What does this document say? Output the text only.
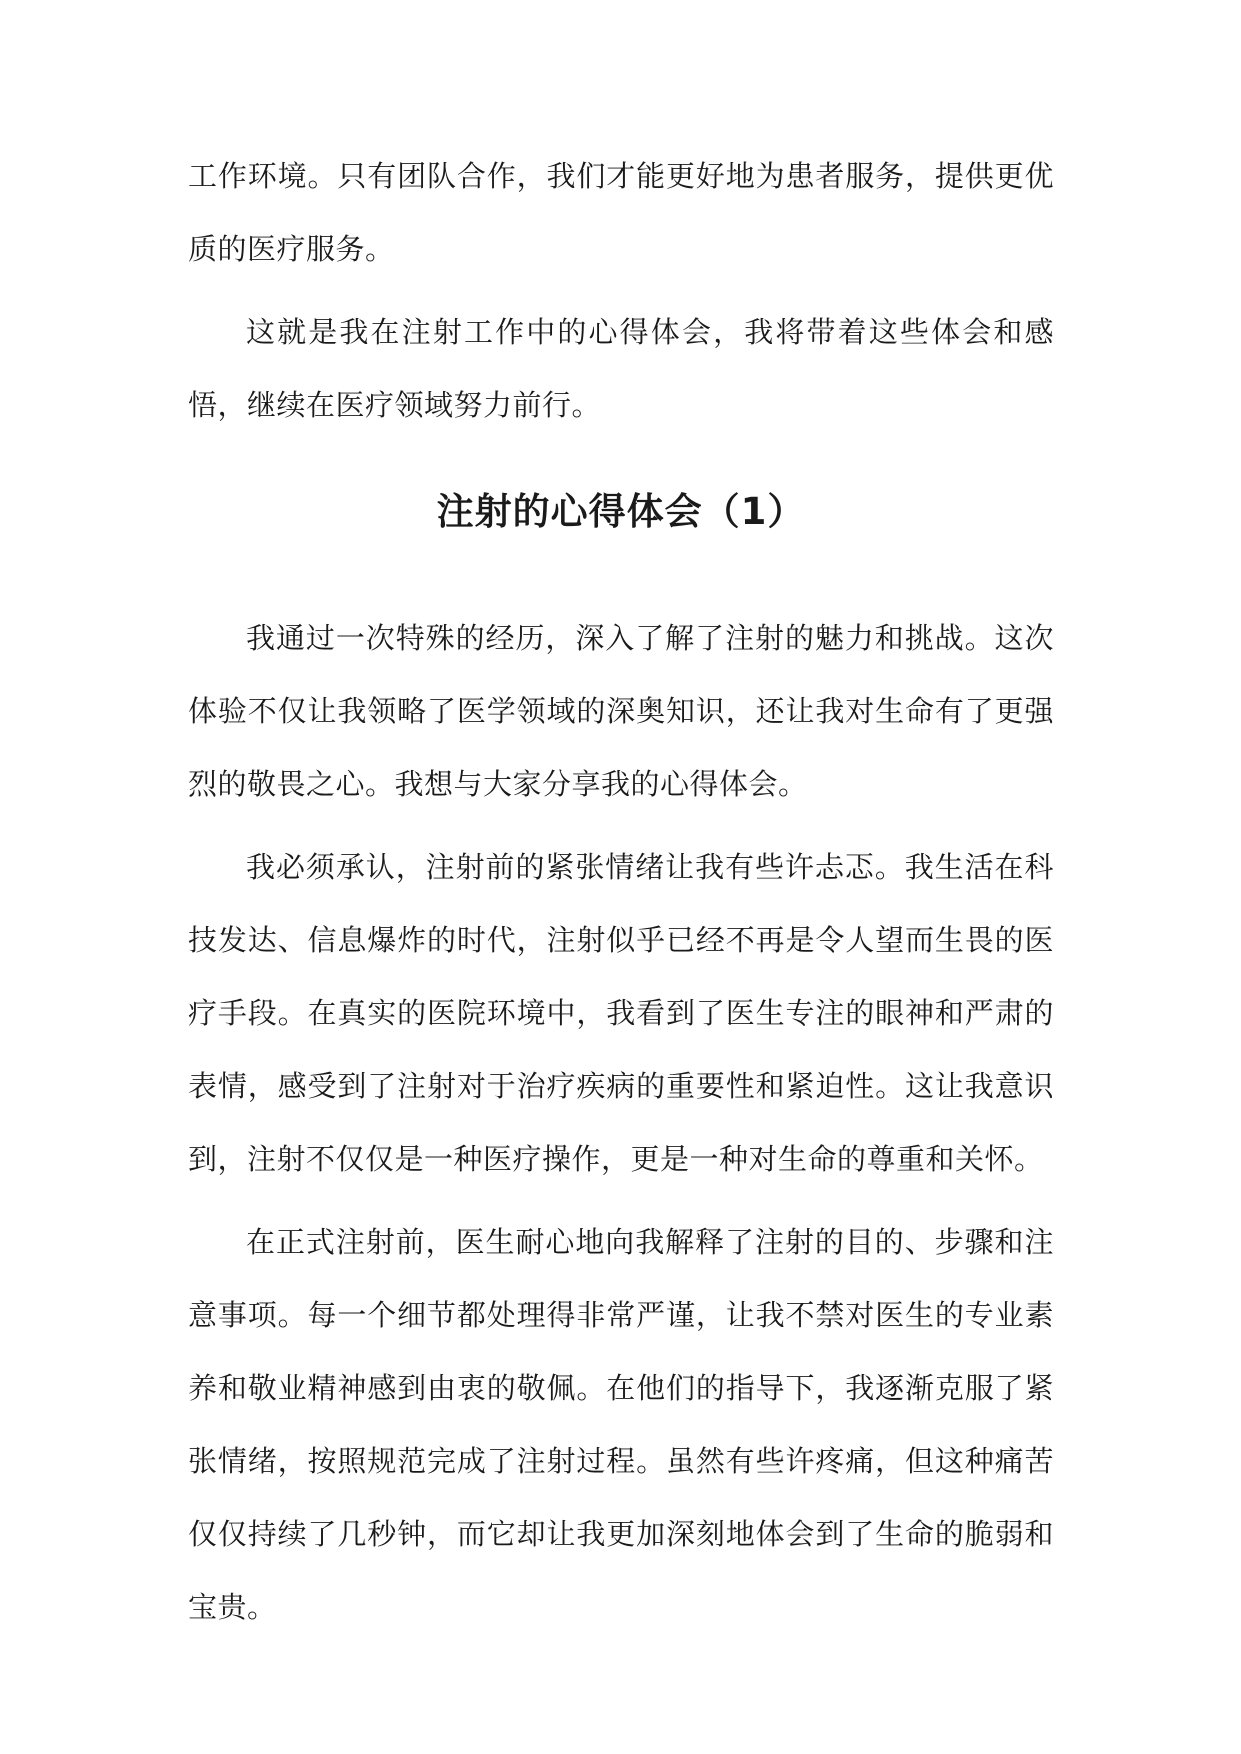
工作环境。只有团队合作，我们才能更好地为患者服务，提供更优质的医疗服务。

这就是我在注射工作中的心得体会，我将带着这些体会和感悟，继续在医疗领域努力前行。

注射的心得体会（1）

我通过一次特殊的经历，深入了解了注射的魅力和挑战。这次体验不仅让我领略了医学领域的深奥知识，还让我对生命有了更强烈的敬畏之心。我想与大家分享我的心得体会。

我必须承认，注射前的紧张情绪让我有些许忐忑。我生活在科技发达、信息爆炸的时代，注射似乎已经不再是令人望而生畏的医疗手段。在真实的医院环境中，我看到了医生专注的眼神和严肃的表情，感受到了注射对于治疗疾病的重要性和紧迫性。这让我意识到，注射不仅仅是一种医疗操作，更是一种对生命的尊重和关怀。

在正式注射前，医生耐心地向我解释了注射的目的、步骤和注意事项。每一个细节都处理得非常严谨，让我不禁对医生的专业素养和敬业精神感到由衷的敬佩。在他们的指导下，我逐渐克服了紧张情绪，按照规范完成了注射过程。虽然有些许疼痛，但这种痛苦仅仅持续了几秒钟，而它却让我更加深刻地体会到了生命的脆弱和宝贵。
